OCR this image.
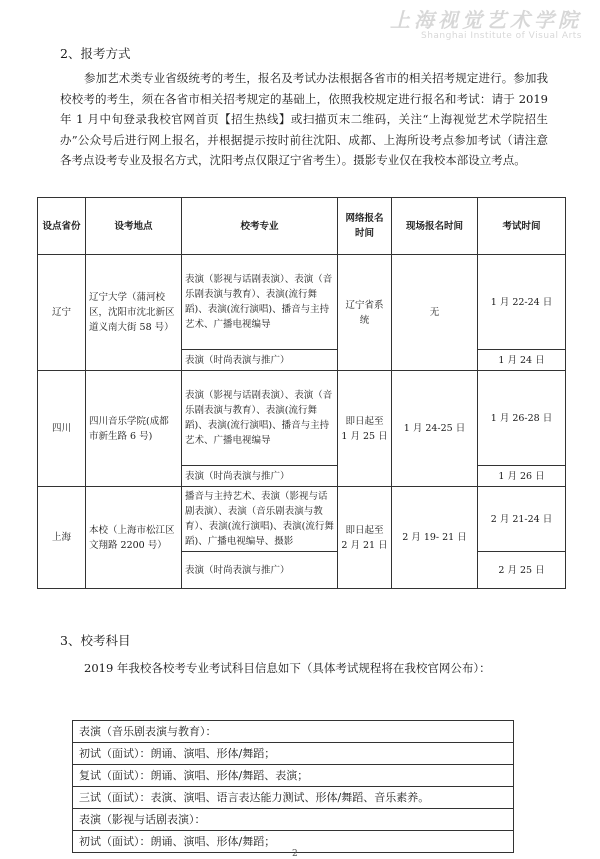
上海视觉艺术学院
Shanghai Institute of Visual Arts
2、报考方式

参加艺术类专业省级统考的考生，报名及考试办法根据各省市的相关招考规定进行。参加我校校考的考生，须在各省市相关招考规定的基础上，依照我校规定进行报名和考试：请于 2019 年 1 月中旬登录我校官网首页【招生热线】或扫描页末二维码，关注“上海视觉艺术学院招生办”公众号后进行网上报名，并根据提示按时前往沈阳、成都、上海所设考点参加考试（请注意各考点设考专业及报名方式，沈阳考点仅限辽宁省考生）。摄影专业仅在我校本部设立考点。

设点省份	设考地点	校考专业	网络报名时间	现场报名时间	考试时间
辽宁	辽宁大学（蒲河校区，沈阳市沈北新区道义南大街 58 号）	表演（影视与话剧表演）、表演（音乐剧表演与教育）、表演(流行舞蹈)、表演(流行演唱)、播音与主持艺术、广播电视编导	辽宁省系统	无	1 月 22-24 日
		表演（时尚表演与推广）			1 月 24 日
四川	四川音乐学院(成都市新生路 6 号)	表演（影视与话剧表演）、表演（音乐剧表演与教育）、表演(流行舞蹈)、表演(流行演唱)、播音与主持艺术、广播电视编导	即日起至 1 月 25 日	1 月 24-25 日	1 月 26-28 日
		表演（时尚表演与推广）			1 月 26 日
上海	本校（上海市松江区文翔路 2200 号）	播音与主持艺术、表演（影视与话剧表演）、表演（音乐剧表演与教育）、表演(流行演唱)、表演(流行舞蹈)、广播电视编导、摄影	即日起至 2 月 21 日	2 月 19- 21 日	2 月 21-24 日
		表演（时尚表演与推广）			2 月 25 日
3、校考科目
2019 年我校各校考专业考试科目信息如下（具体考试规程将在我校官网公布）：
表演（音乐剧表演与教育）：
初试（面试）：朗诵、演唱、形体/舞蹈；
复试（面试）：朗诵、演唱、形体/舞蹈、表演；
三试（面试）：表演、演唱、语言表达能力测试、形体/舞蹈、音乐素养。
表演（影视与话剧表演）：
初试（面试）：朗诵、演唱、形体/舞蹈；
2
